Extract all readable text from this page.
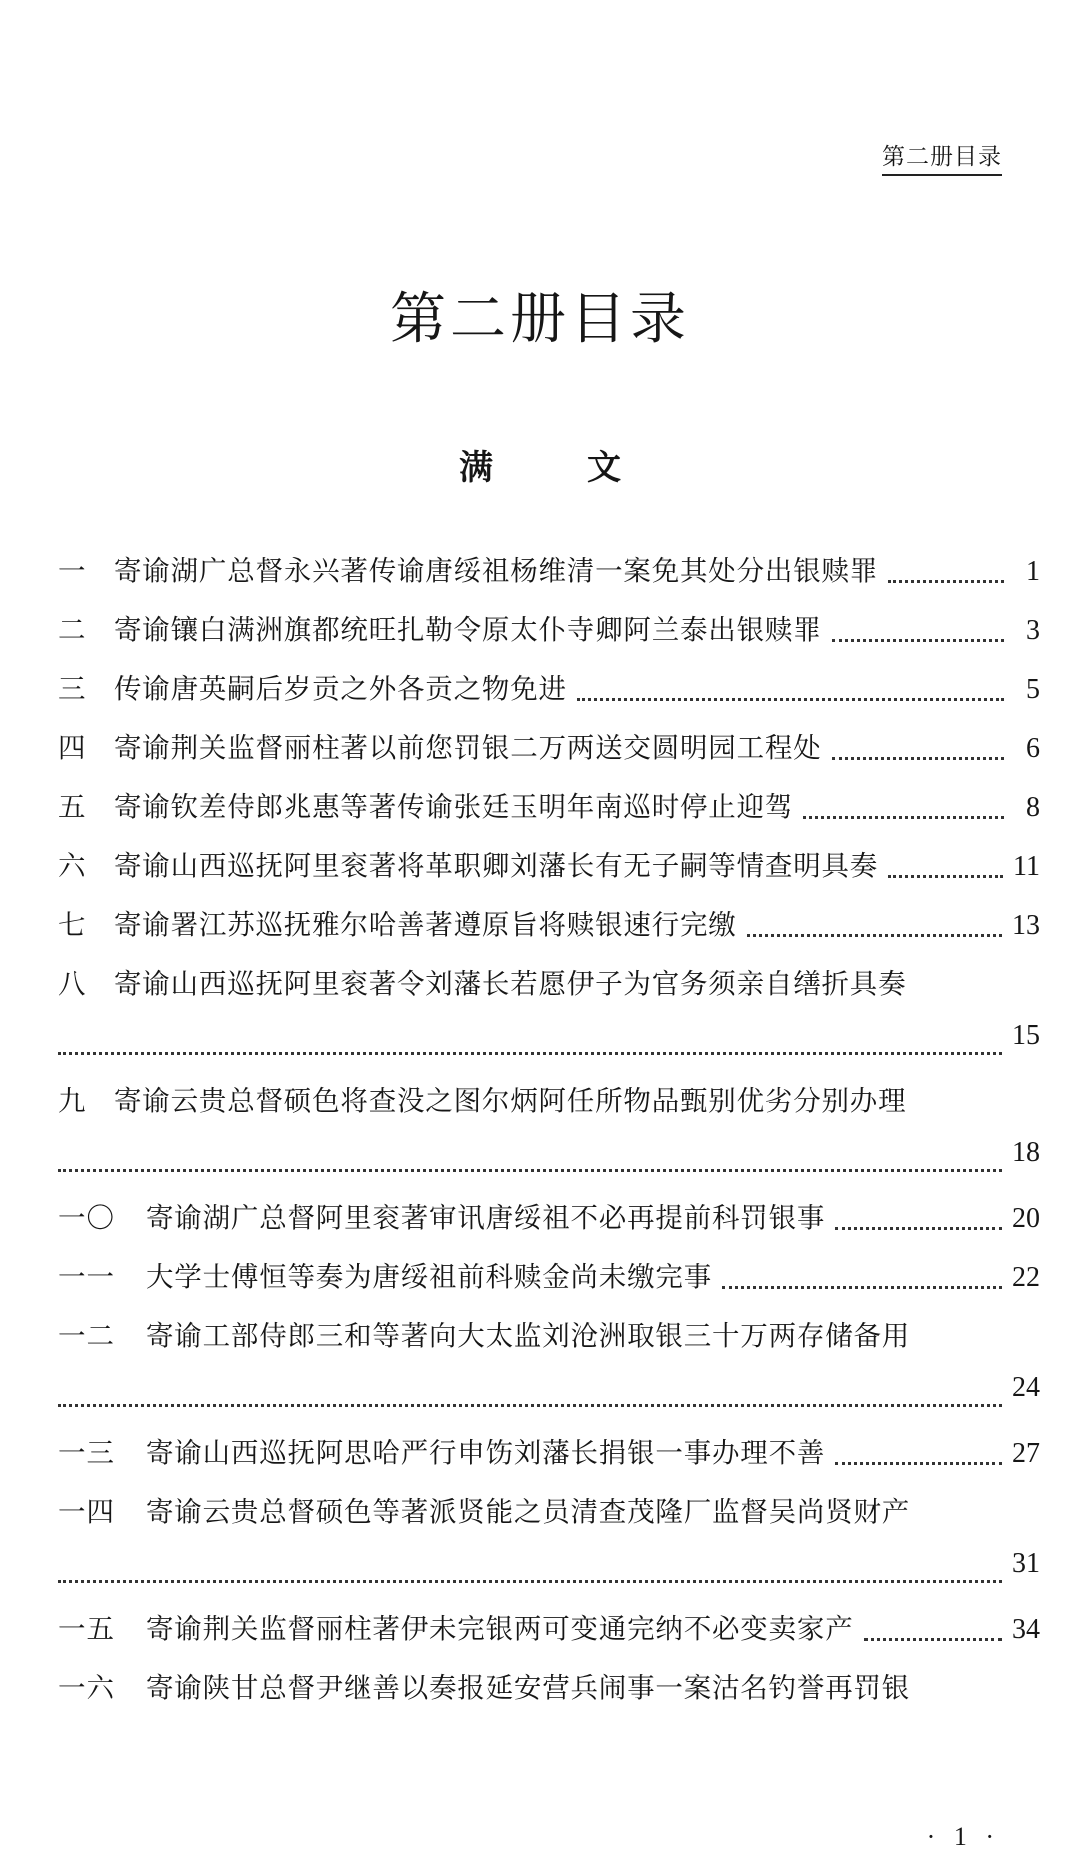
第二册目录
第二册目录
满　文
一	寄谕湖广总督永兴著传谕唐绥祖杨维清一案免其处分出银赎罪	1
二	寄谕镶白满洲旗都统旺扎勒令原太仆寺卿阿兰泰出银赎罪	3
三	传谕唐英嗣后岁贡之外各贡之物免进	5
四	寄谕荆关监督丽柱著以前您罚银二万两送交圆明园工程处	6
五	寄谕钦差侍郎兆惠等著传谕张廷玉明年南巡时停止迎驾	8
六	寄谕山西巡抚阿里衮著将革职卿刘藩长有无子嗣等情查明具奏	11
七	寄谕署江苏巡抚雅尔哈善著遵原旨将赎银速行完缴	13
八	寄谕山西巡抚阿里衮著令刘藩长若愿伊子为官务须亲自缮折具奏
15
九	寄谕云贵总督硕色将查没之图尔炳阿任所物品甄别优劣分别办理
18
一〇	寄谕湖广总督阿里衮著审讯唐绥祖不必再提前科罚银事	20
一一	大学士傅恒等奏为唐绥祖前科赎金尚未缴完事	22
一二	寄谕工部侍郎三和等著向大太监刘沧洲取银三十万两存储备用
24
一三	寄谕山西巡抚阿思哈严行申饬刘藩长捐银一事办理不善	27
一四	寄谕云贵总督硕色等著派贤能之员清查茂隆厂监督吴尚贤财产
31
一五	寄谕荆关监督丽柱著伊未完银两可变通完纳不必变卖家产	34
一六	寄谕陕甘总督尹继善以奏报延安营兵闹事一案沽名钓誉再罚银
· 1 ·
